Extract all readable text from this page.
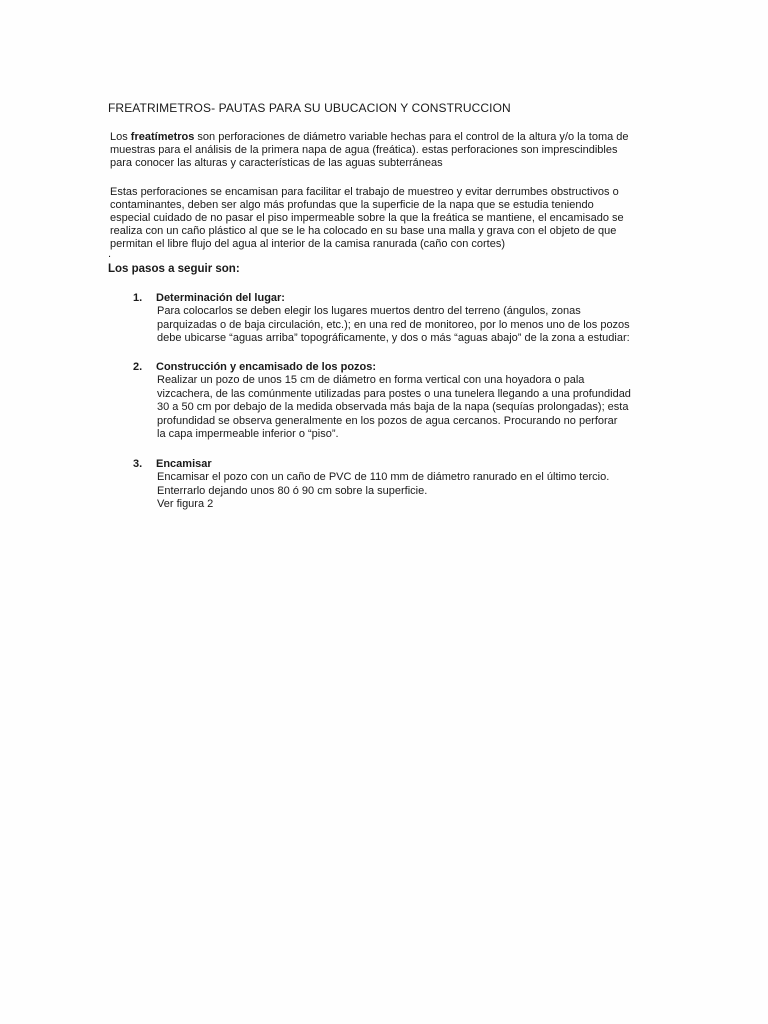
FREATRIMETROS- PAUTAS PARA SU UBUCACION Y CONSTRUCCION
Los freatímetros son perforaciones de diámetro variable hechas para el control de la altura y/o la toma de
muestras para el análisis de la primera napa de agua (freática). estas perforaciones son imprescindibles
para conocer las alturas y características de las aguas subterráneas
Estas perforaciones se encamisan para facilitar el trabajo de muestreo y evitar derrumbes obstructivos o
contaminantes, deben ser algo más profundas que la superficie de la napa que se estudia teniendo
especial cuidado de no pasar el piso impermeable sobre la que la freática se mantiene, el encamisado se
realiza con un caño plástico al que se le ha colocado en su base una malla y grava con el objeto de que
permitan el libre flujo del agua al interior de la camisa ranurada (caño con cortes)
.
Los pasos a seguir son:
1. Determinación del lugar:
Para colocarlos se deben elegir los lugares muertos dentro del terreno (ángulos, zonas
parquizadas o de baja circulación, etc.); en una red de monitoreo, por lo menos uno de los pozos
debe ubicarse “aguas arriba” topográficamente, y dos o más “aguas abajo” de la zona a estudiar:
2. Construcción y encamisado de los pozos:
Realizar un pozo de unos 15 cm de diámetro en forma vertical con una hoyadora o pala
vizcachera, de las comúnmente utilizadas para postes o una tunelera llegando a una profundidad
30 a 50 cm por debajo de la medida observada más baja de la napa (sequías prolongadas); esta
profundidad se observa generalmente en los pozos de agua cercanos. Procurando no perforar
la capa impermeable inferior o “piso”.
3. Encamisar
Encamisar el pozo con un caño de PVC de 110 mm de diámetro ranurado en el último tercio.
Enterrarlo dejando unos 80 ó 90 cm sobre la superficie.
Ver figura 2
